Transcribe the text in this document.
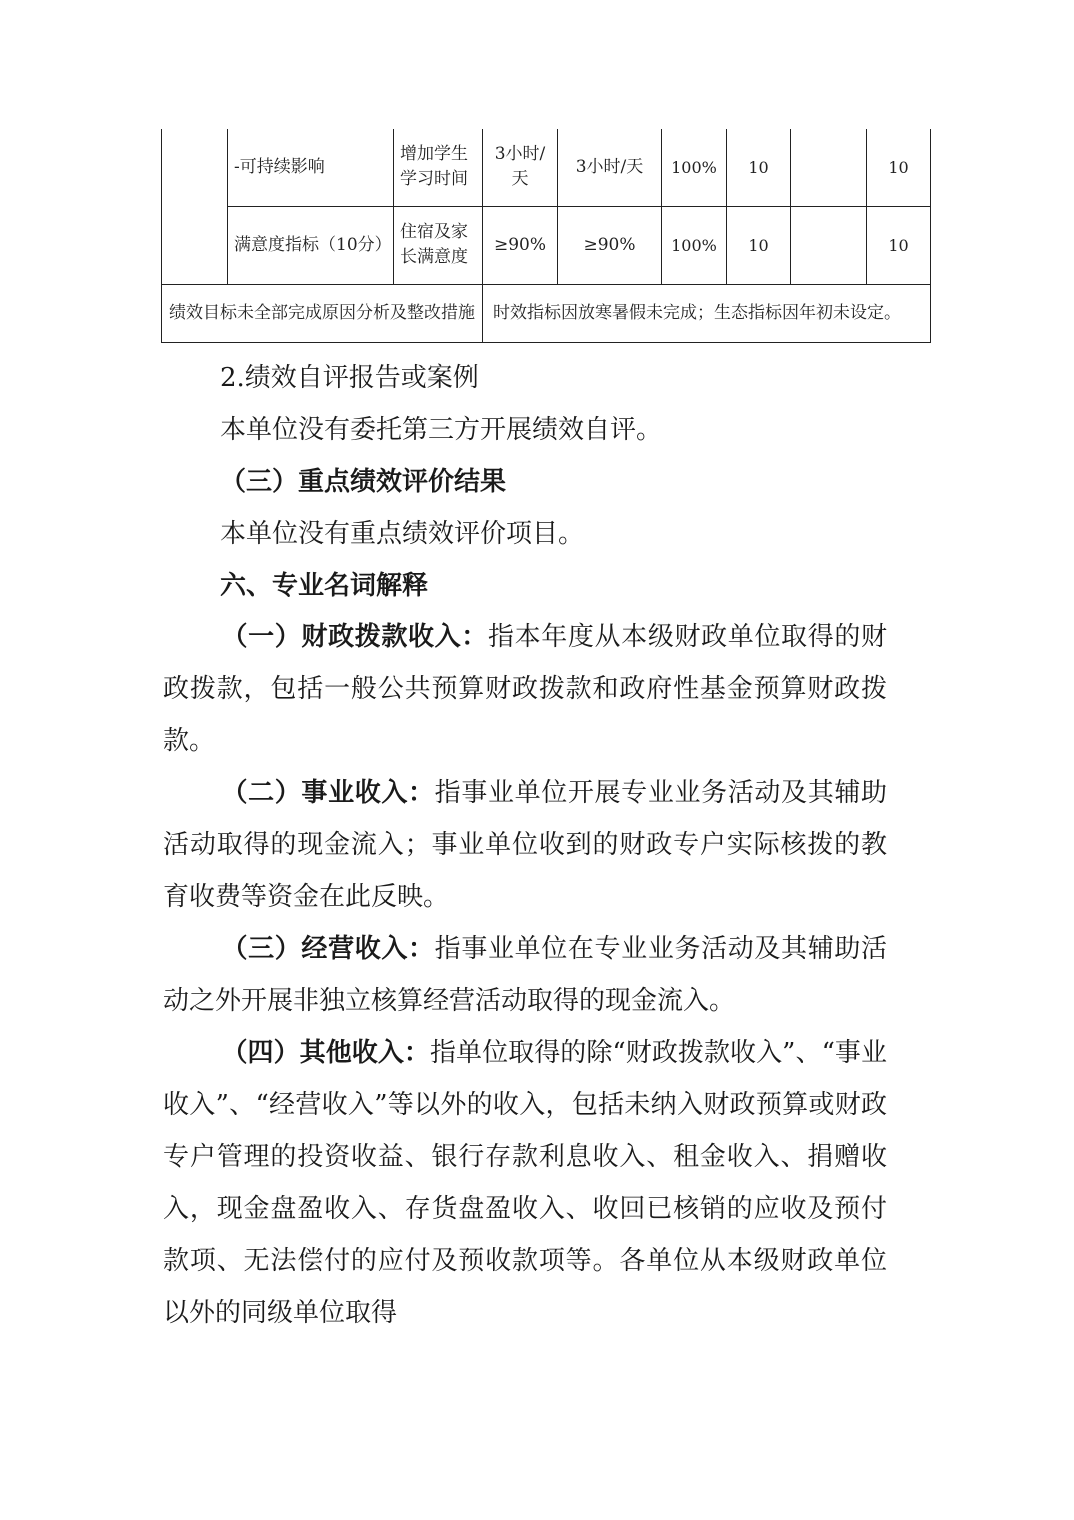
	-可持续影响	增加学生学习时间	3小时/天	3小时/天	100%	10		10
	满意度指标（10分）	住宿及家长满意度	≥90%	≥90%	100%	10		10
绩效目标未全部完成原因分析及整改措施			时效指标因放寒暑假未完成；生态指标因年初未设定。					
2.绩效自评报告或案例
本单位没有委托第三方开展绩效自评。
（三）重点绩效评价结果
本单位没有重点绩效评价项目。
六、专业名词解释
（一）财政拨款收入：指本年度从本级财政单位取得的财政拨款，包括一般公共预算财政拨款和政府性基金预算财政拨款。
（二）事业收入：指事业单位开展专业业务活动及其辅助活动取得的现金流入；事业单位收到的财政专户实际核拨的教育收费等资金在此反映。
（三）经营收入：指事业单位在专业业务活动及其辅助活动之外开展非独立核算经营活动取得的现金流入。
（四）其他收入：指单位取得的除“财政拨款收入”、“事业收入”、“经营收入”等以外的收入，包括未纳入财政预算或财政专户管理的投资收益、银行存款利息收入、租金收入、捐赠收入，现金盘盈收入、存货盘盈收入、收回已核销的应收及预付款项、无法偿付的应付及预收款项等。各单位从本级财政单位以外的同级单位取得
